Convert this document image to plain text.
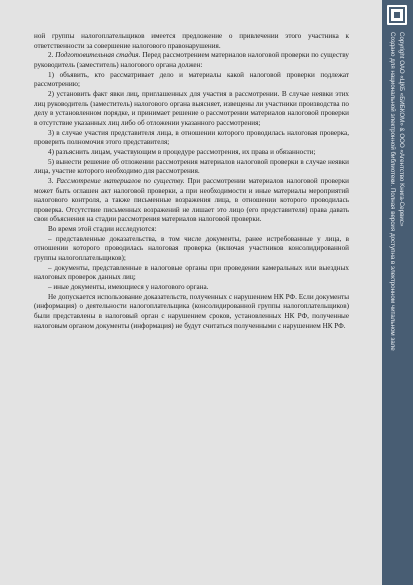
ной группы налогоплательщиков имеется предложение о привлечении этого участника к ответственности за совершение налогового правонарушения.

2. Подготовительная стадия. Перед рассмотрением материалов налоговой проверки по существу руководитель (заместитель) налогового органа должен:

1) объявить, кто рассматривает дело и материалы какой налоговой проверки подлежат рассмотрению;

2) установить факт явки лиц, приглашенных для участия в рассмотрении. В случае неявки этих лиц руководитель (заместитель) налогового органа выясняет, извещены ли участники производства по делу в установленном порядке, и принимает решение о рассмотрении материалов налоговой проверки в отсутствие указанных лиц либо об отложении указанного рассмотрения;

3) в случае участия представителя лица, в отношении которого проводилась налоговая проверка, проверить полномочия этого представителя;

4) разъяснить лицам, участвующим в процедуре рассмотрения, их права и обязанности;

5) вынести решение об отложении рассмотрения материалов налоговой проверки в случае неявки лица, участие которого необходимо для рассмотрения.

3. Рассмотрение материалов по существу. При рассмотрении материалов налоговой проверки может быть оглашен акт налоговой проверки, а при необходимости и иные материалы мероприятий налогового контроля, а также письменные возражения лица, в отношении которого проводилась проверка. Отсутствие письменных возражений не лишает это лицо (его представителя) права давать свои объяснения на стадии рассмотрения материалов налоговой проверки.

Во время этой стадии исследуются:

– представленные доказательства, в том числе документы, ранее истребованные у лица, в отношении которого проводилась налоговая проверка (включая участников консолидированной группы налогоплательщиков);

– документы, представленные в налоговые органы при проведении камеральных или выездных налоговых проверок данных лиц;

– иные документы, имеющиеся у налогового органа.

Не допускается использование доказательств, полученных с нарушением НК РФ. Если документы (информация) о деятельности налогоплательщика (консолидированной группы налогоплательщиков) были представлены в налоговый орган с нарушением сроков, установленных НК РФ, полученные налоговым органом документы (информация) не будут считаться полученными с нарушением НК РФ.

Copyright ОАО «ЦКБ «БИБКОМ» & ООО «Aгентство Kнига-Cервис»
Создано для национальной электронной библиотеки. Полная версия доступна в электронном читальном зале
